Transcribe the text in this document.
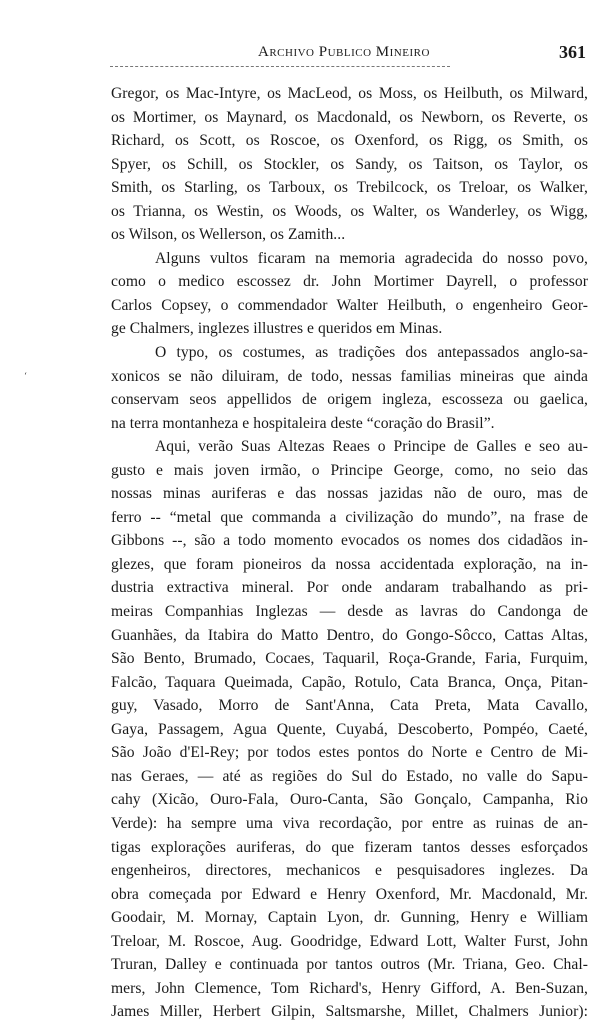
Archivo Publico Mineiro	361
‘
Gregor, os Mac-Intyre, os MacLeod, os Moss, os Heilbuth, os Milward,
os Mortimer, os Maynard, os Macdonald, os Newborn, os Reverte, os
Richard, os Scott, os Roscoe, os Oxenford, os Rigg, os Smith, os
Spyer, os Schill, os Stockler, os Sandy, os Taitson, os Taylor, os
Smith, os Starling, os Tarboux, os Trebilcock, os Treloar, os Walker,
os Trianna, os Westin, os Woods, os Walter, os Wanderley, os Wigg,
os Wilson, os Wellerson, os Zamith...
Alguns vultos ficaram na memoria agradecida do nosso povo,
como o medico escossez dr. John Mortimer Dayrell, o professor
Carlos Copsey, o commendador Walter Heilbuth, o engenheiro Geor-
ge Chalmers, inglezes illustres e queridos em Minas.
O typo, os costumes, as tradições dos antepassados anglo-sa-
xonicos se não diluiram, de todo, nessas familias mineiras que ainda
conservam seos appellidos de origem ingleza, escosseza ou gaelica,
na terra montanheza e hospitaleira deste “coração do Brasil”.
Aqui, verão Suas Altezas Reaes o Principe de Galles e seo au-
gusto e mais joven irmão, o Principe George, como, no seio das
nossas minas auriferas e das nossas jazidas não de ouro, mas de
ferro -- “metal que commanda a civilização do mundo”, na frase de
Gibbons --, são a todo momento evocados os nomes dos cidadãos in-
glezes, que foram pioneiros da nossa accidentada exploração, na in-
dustria extractiva mineral. Por onde andaram trabalhando as pri-
meiras Companhias Inglezas — desde as lavras do Candonga de
Guanhães, da Itabira do Matto Dentro, do Gongo-Sôcco, Cattas Altas,
São Bento, Brumado, Cocaes, Taquaril, Roça-Grande, Faria, Furquim,
Falcão, Taquara Queimada, Capão, Rotulo, Cata Branca, Onça, Pitan-
guy, Vasado, Morro de Sant'Anna, Cata Preta, Mata Cavallo,
Gaya, Passagem, Agua Quente, Cuyabá, Descoberto, Pompéo, Caeté,
São João d'El-Rey; por todos estes pontos do Norte e Centro de Mi-
nas Geraes, — até as regiões do Sul do Estado, no valle do Sapu-
cahy (Xicão, Ouro-Fala, Ouro-Canta, São Gonçalo, Campanha, Rio
Verde): ha sempre uma viva recordação, por entre as ruinas de an-
tigas explorações auriferas, do que fizeram tantos desses esforçados
engenheiros, directores, mechanicos e pesquisadores inglezes. Da
obra começada por Edward e Henry Oxenford, Mr. Macdonald, Mr.
Goodair, M. Mornay, Captain Lyon, dr. Gunning, Henry e William
Treloar, M. Roscoe, Aug. Goodridge, Edward Lott, Walter Furst, John
Truran, Dalley e continuada por tantos outros (Mr. Triana, Geo. Chal-
mers, John Clemence, Tom Richard's, Henry Gifford, A. Ben-Suzan,
James Miller, Herbert Gilpin, Saltsmarshe, Millet, Chalmers Junior):
